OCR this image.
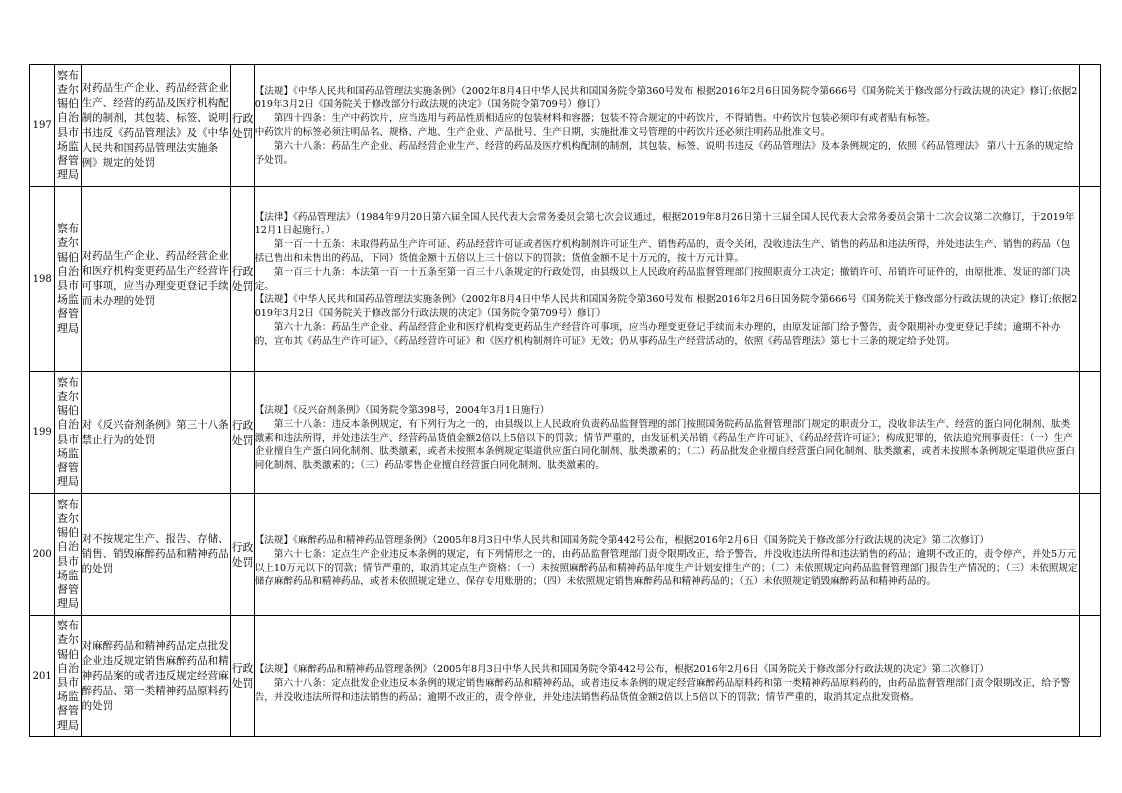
197	察布查尔锡伯自治县市场监督管理局	对药品生产企业、药品经营企业生产、经营的药品及医疗机构配制的制剂，其包装、标签、说明书违反《药品管理法》及《中华人民共和国药品管理法实施条例》规定的处罚	行政处罚	【法规】《中华人民共和国药品管理法实施条例》（2002年8月4日中华人民共和国国务院令第360号发布 根据2016年2月6日国务院令第666号《国务院关于修改部分行政法规的决定》修订;依据2019年3月2日《国务院关于修改部分行政法规的决定》（国务院令第709号）修订）

第四十四条：生产中药饮片，应当选用与药品性质相适应的包装材料和容器；包装不符合规定的中药饮片，不得销售。中药饮片包装必须印有或者贴有标签。

中药饮片的标签必须注明品名、规格、产地、生产企业、产品批号、生产日期，实施批准文号管理的中药饮片还必须注明药品批准文号。

第六十八条：药品生产企业、药品经营企业生产、经营的药品及医疗机构配制的制剂，其包装、标签、说明书违反《药品管理法》及本条例规定的，依照《药品管理法》 第八十五条的规定给予处罚。	

198	察布查尔锡伯自治县市场监督管理局	对药品生产企业、药品经营企业和医疗机构变更药品生产经营许可事项，应当办理变更登记手续而未办理的处罚	行政处罚	【法律】《药品管理法》（1984年9月20日第六届全国人民代表大会常务委员会第七次会议通过，根据2019年8月26日第十三届全国人民代表大会常务委员会第十二次会议第二次修订，于2019年12月1日起施行。）

第一百一十五条：未取得药品生产许可证、药品经营许可证或者医疗机构制剂许可证生产、销售药品的，责令关闭，没收违法生产、销售的药品和违法所得，并处违法生产、销售的药品（包括已售出和未售出的药品，下同）货值金额十五倍以上三十倍以下的罚款；货值金额不足十万元的，按十万元计算。

第一百三十九条：本法第一百一十五条至第一百三十八条规定的行政处罚，由县级以上人民政府药品监督管理部门按照职责分工决定；撤销许可、吊销许可证件的，由原批准、发证的部门决定。

【法规】《中华人民共和国药品管理法实施条例》（2002年8月4日中华人民共和国国务院令第360号发布 根据2016年2月6日国务院令第666号《国务院关于修改部分行政法规的决定》修订;依据2019年3月2日《国务院关于修改部分行政法规的决定》（国务院令第709号）修订）

第六十九条：药品生产企业、药品经营企业和医疗机构变更药品生产经营许可事项，应当办理变更登记手续而未办理的，由原发证部门给予警告，责令限期补办变更登记手续；逾期不补办的，宣布其《药品生产许可证》、《药品经营许可证》和《医疗机构制剂许可证》无效；仍从事药品生产经营活动的，依照《药品管理法》第七十三条的规定给予处罚。	

199	察布查尔锡伯自治县市场监督管理局	对《反兴奋剂条例》第三十八条禁止行为的处罚	行政处罚	【法规】《反兴奋剂条例》（国务院令第398号，2004年3月1日施行）

第三十八条：违反本条例规定，有下列行为之一的，由县级以上人民政府负责药品监督管理的部门按照国务院药品监督管理部门规定的职责分工，没收非法生产、经营的蛋白同化制剂、肽类激素和违法所得，并处违法生产、经营药品货值金额2倍以上5倍以下的罚款；情节严重的，由发证机关吊销《药品生产许可证》、《药品经营许可证》；构成犯罪的，依法追究刑事责任：（一）生产企业擅自生产蛋白同化制剂、肽类激素，或者未按照本条例规定渠道供应蛋白同化制剂、肽类激素的；（二）药品批发企业擅自经营蛋白同化制剂、肽类激素，或者未按照本条例规定渠道供应蛋白同化制剂、肽类激素的；（三）药品零售企业擅自经营蛋白同化制剂、肽类激素的。	

200	察布查尔锡伯自治县市场监督管理局	对不按规定生产、报告、存储、销售、销毁麻醉药品和精神药品的处罚	行政处罚	【法规】《麻醉药品和精神药品管理条例》（2005年8月3日中华人民共和国国务院令第442号公布，根据2016年2月6日《国务院关于修改部分行政法规的决定》第二次修订）

第六十七条：定点生产企业违反本条例的规定，有下列情形之一的，由药品监督管理部门责令限期改正，给予警告，并没收违法所得和违法销售的药品；逾期不改正的，责令停产，并处5万元以上10万元以下的罚款；情节严重的，取消其定点生产资格：（一）未按照麻醉药品和精神药品年度生产计划安排生产的；（二）未依照规定向药品监督管理部门报告生产情况的；（三）未依照规定储存麻醉药品和精神药品，或者未依照规定建立、保存专用账册的；（四）未依照规定销售麻醉药品和精神药品的；（五）未依照规定销毁麻醉药品和精神药品的。	

201	察布查尔锡伯自治县市场监督管理局	对麻醉药品和精神药品定点批发企业违反规定销售麻醉药品和精神药品案的或者违反规定经营麻醉药品、第一类精神药品原料药的处罚	行政处罚	【法规】《麻醉药品和精神药品管理条例》（2005年8月3日中华人民共和国国务院令第442号公布，根据2016年2月6日《国务院关于修改部分行政法规的决定》第二次修订）

第六十八条：定点批发企业违反本条例的规定销售麻醉药品和精神药品，或者违反本条例的规定经营麻醉药品原料药和第一类精神药品原料药的，由药品监督管理部门责令限期改正，给予警告，并没收违法所得和违法销售的药品；逾期不改正的，责令停业，并处违法销售药品货值金额2倍以上5倍以下的罚款；情节严重的，取消其定点批发资格。	
